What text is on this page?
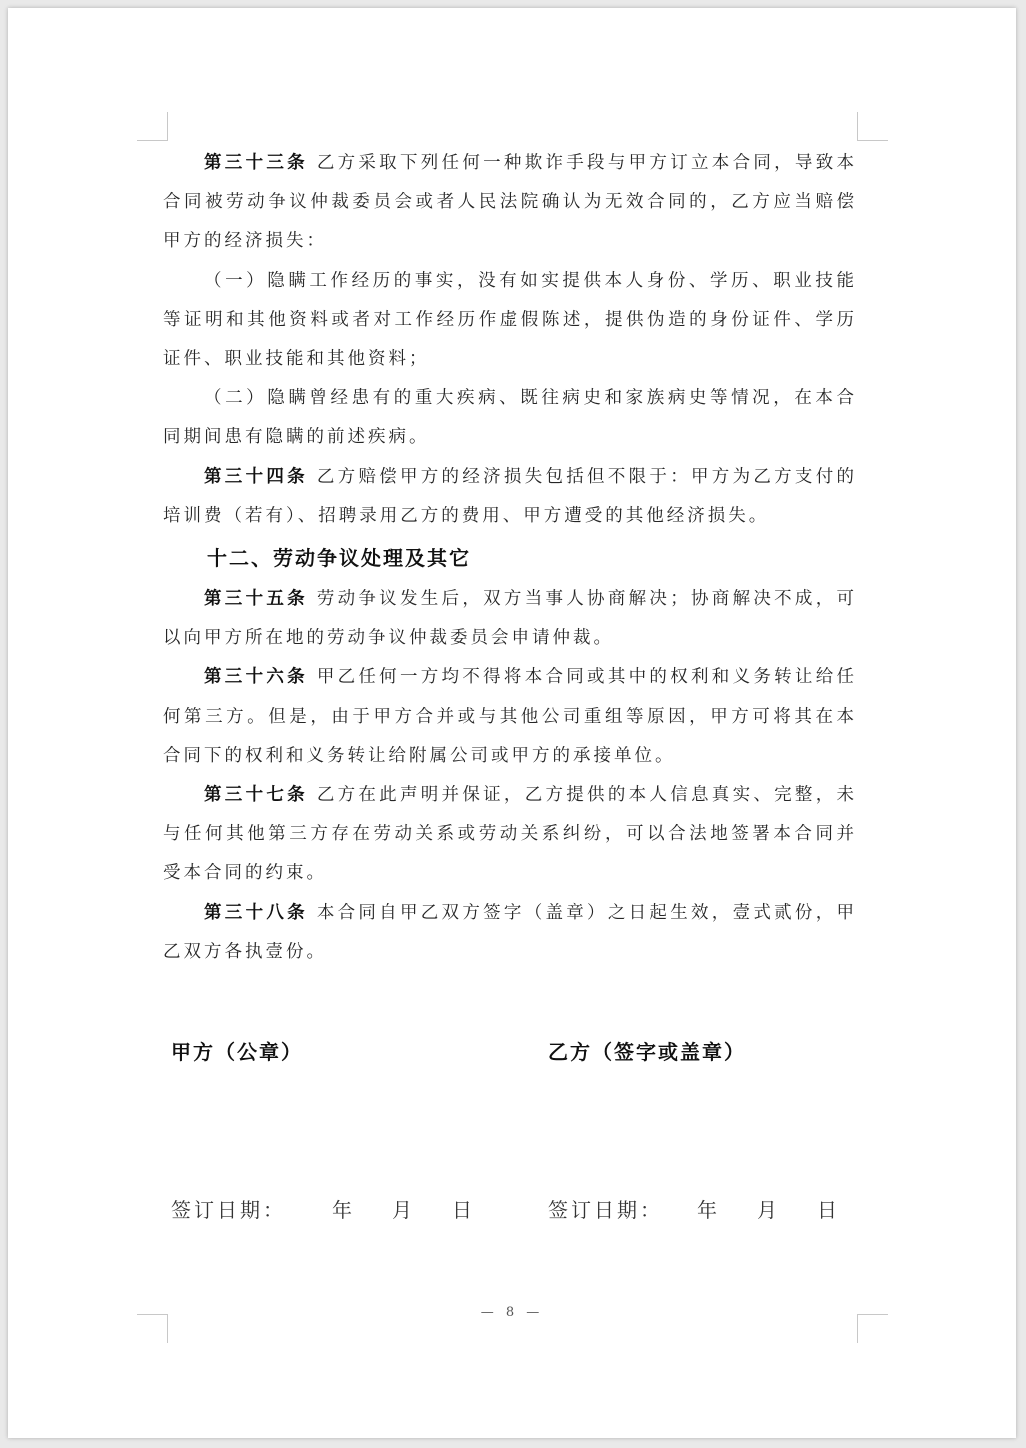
第三十三条 乙方采取下列任何一种欺诈手段与甲方订立本合同，导致本合同被劳动争议仲裁委员会或者人民法院确认为无效合同的，乙方应当赔偿甲方的经济损失：

（一）隐瞒工作经历的事实，没有如实提供本人身份、学历、职业技能等证明和其他资料或者对工作经历作虚假陈述，提供伪造的身份证件、学历证件、职业技能和其他资料；

（二）隐瞒曾经患有的重大疾病、既往病史和家族病史等情况，在本合同期间患有隐瞒的前述疾病。

第三十四条 乙方赔偿甲方的经济损失包括但不限于：甲方为乙方支付的培训费（若有）、招聘录用乙方的费用、甲方遭受的其他经济损失。

十二、劳动争议处理及其它

第三十五条 劳动争议发生后，双方当事人协商解决；协商解决不成，可以向甲方所在地的劳动争议仲裁委员会申请仲裁。

第三十六条 甲乙任何一方均不得将本合同或其中的权利和义务转让给任何第三方。但是，由于甲方合并或与其他公司重组等原因，甲方可将其在本合同下的权利和义务转让给附属公司或甲方的承接单位。

第三十七条 乙方在此声明并保证，乙方提供的本人信息真实、完整，未与任何其他第三方存在劳动关系或劳动关系纠纷，可以合法地签署本合同并受本合同的约束。

第三十八条 本合同自甲乙双方签字（盖章）之日起生效，壹式贰份，甲乙双方各执壹份。

甲方（公章）	乙方（签字或盖章）
签订日期： 年 月 日	签订日期： 年 月 日
— 8 —
